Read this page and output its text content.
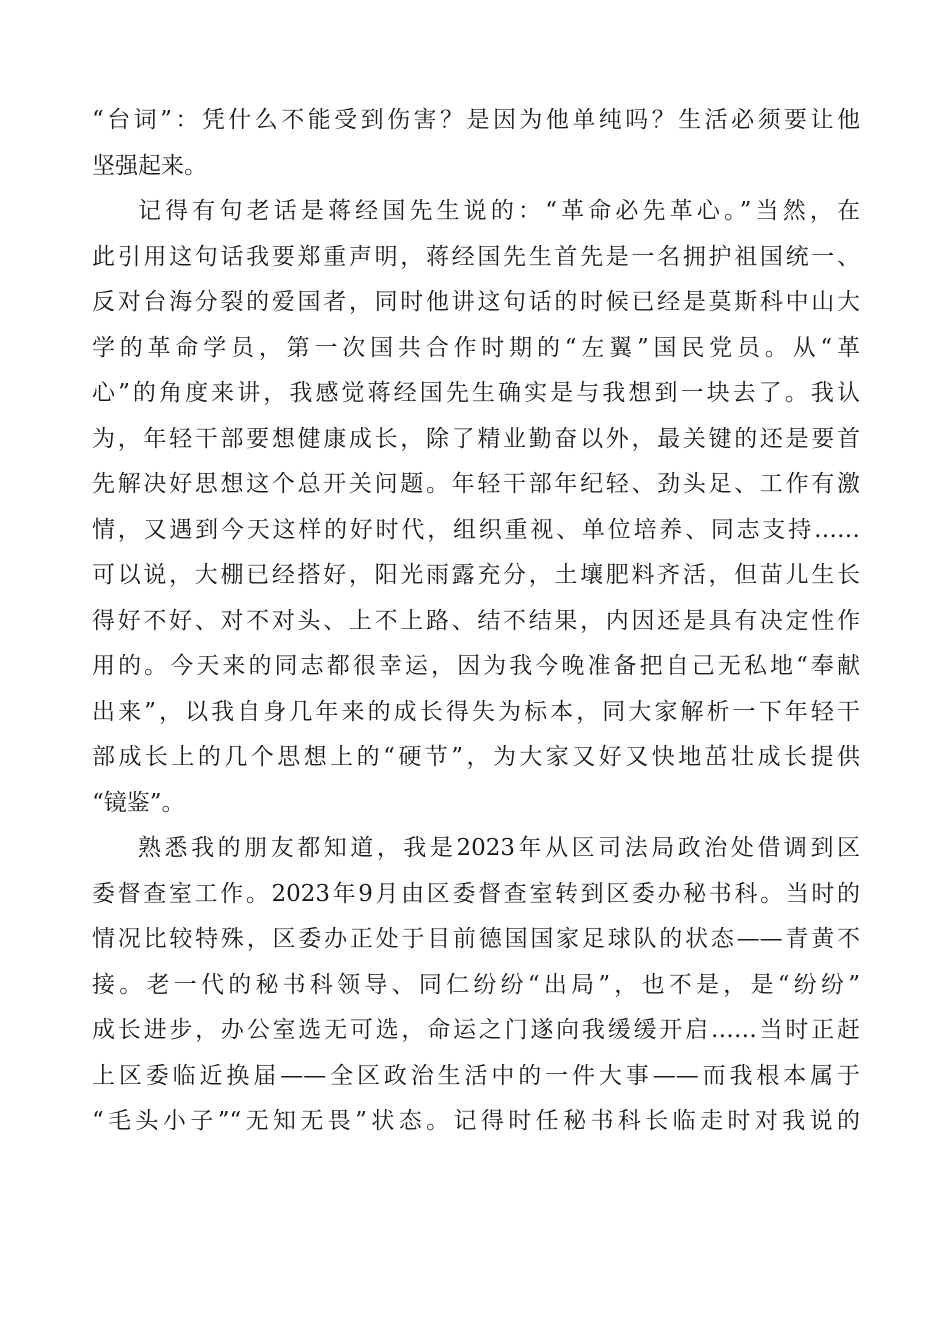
“台词”：凭什么不能受到伤害？是因为他单纯吗？生活必须要让他
坚强起来。
记得有句老话是蒋经国先生说的：“革命必先革心。”当然，在
此引用这句话我要郑重声明，蒋经国先生首先是一名拥护祖国统一、
反对台海分裂的爱国者，同时他讲这句话的时候已经是莫斯科中山大
学的革命学员，第一次国共合作时期的“左翼”国民党员。从“革
心”的角度来讲，我感觉蒋经国先生确实是与我想到一块去了。我认
为，年轻干部要想健康成长，除了精业勤奋以外，最关键的还是要首
先解决好思想这个总开关问题。年轻干部年纪轻、劲头足、工作有激
情，又遇到今天这样的好时代，组织重视、单位培养、同志支持……
可以说，大棚已经搭好，阳光雨露充分，土壤肥料齐活，但苗儿生长
得好不好、对不对头、上不上路、结不结果，内因还是具有决定性作
用的。今天来的同志都很幸运，因为我今晚准备把自己无私地“奉献
出来”，以我自身几年来的成长得失为标本，同大家解析一下年轻干
部成长上的几个思想上的“硬节”，为大家又好又快地茁壮成长提供
“镜鉴”。
熟悉我的朋友都知道，我是2023年从区司法局政治处借调到区
委督查室工作。2023年9月由区委督查室转到区委办秘书科。当时的
情况比较特殊，区委办正处于目前德国国家足球队的状态——青黄不
接。老一代的秘书科领导、同仁纷纷“出局”，也不是，是“纷纷”
成长进步，办公室选无可选，命运之门遂向我缓缓开启……当时正赶
上区委临近换届——全区政治生活中的一件大事——而我根本属于
“毛头小子”“无知无畏”状态。记得时任秘书科长临走时对我说的
